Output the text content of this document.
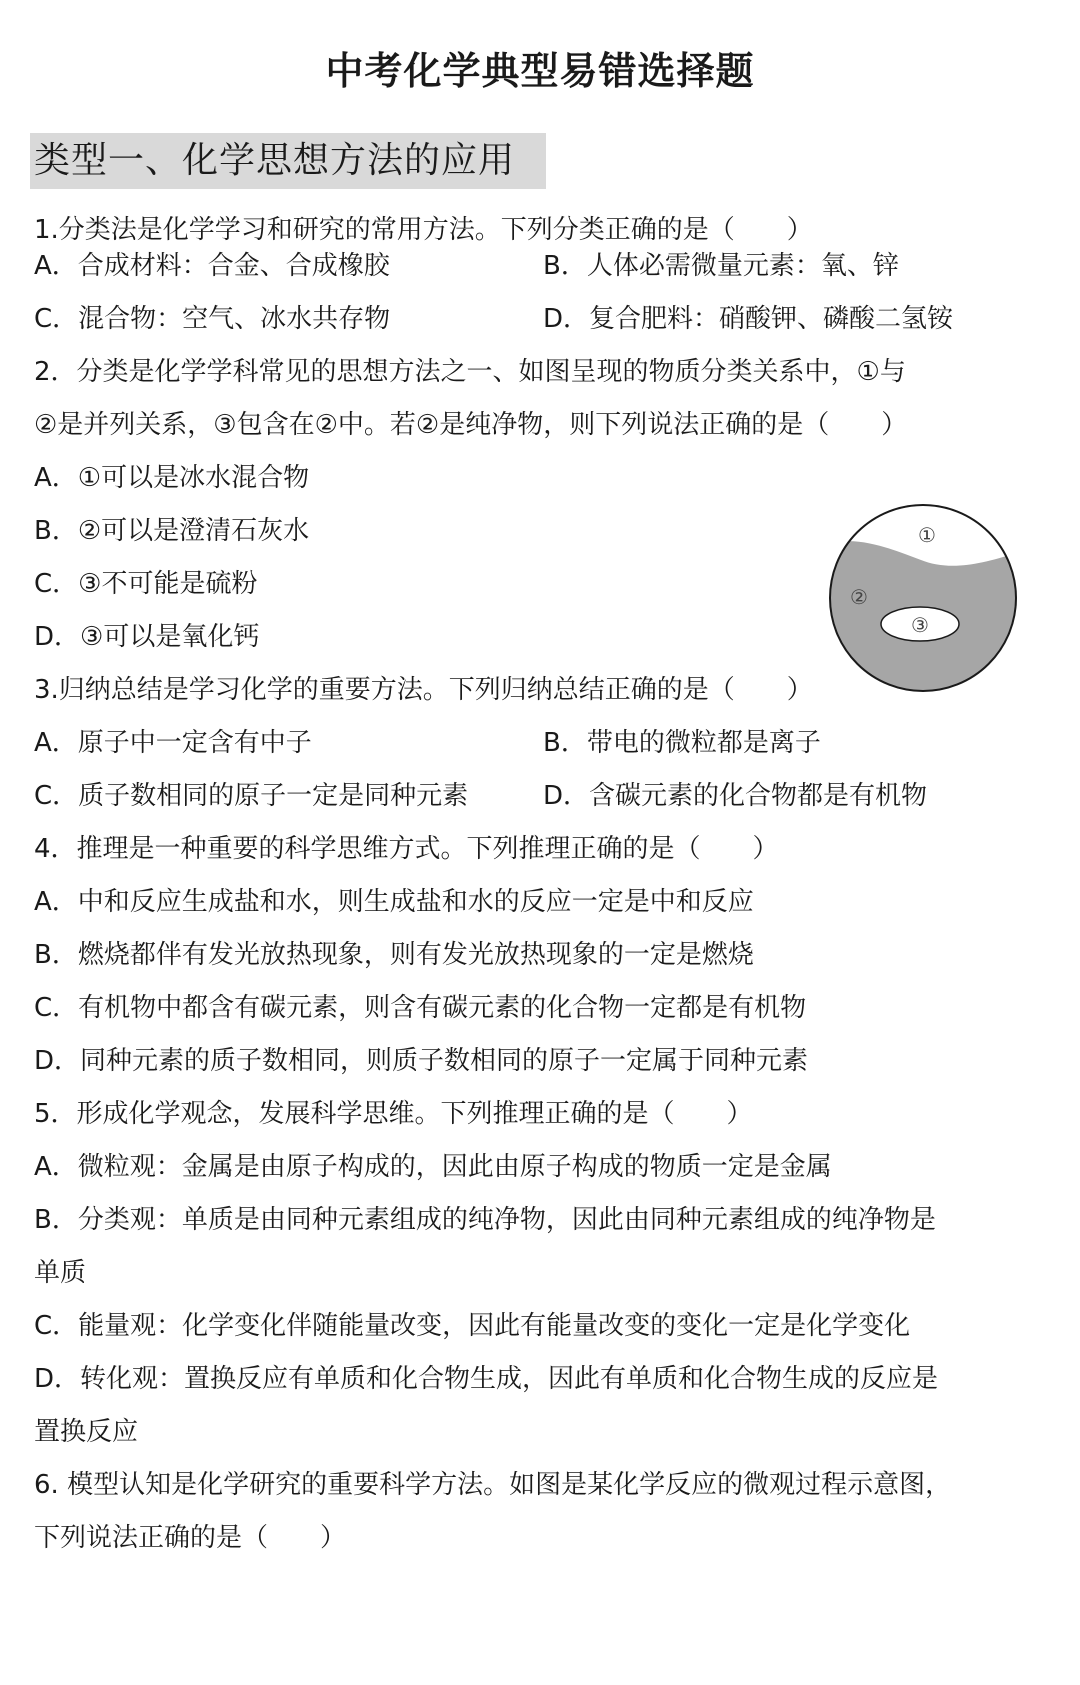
中考化学典型易错选择题
类型一、化学思想方法的应用
1.分类法是化学学习和研究的常用方法。下列分类正确的是（　　）
A．合成材料：合金、合成橡胶	B．人体必需微量元素：氧、锌
C．混合物：空气、冰水共存物	D．复合肥料：硝酸钾、磷酸二氢铵
2．分类是化学学科常见的思想方法之一、如图呈现的物质分类关系中，①与
②是并列关系，③包含在②中。若②是纯净物，则下列说法正确的是（　　）
A．①可以是冰水混合物
B．②可以是澄清石灰水
C．③不可能是硫粉
D．③可以是氧化钙
①
②
③
3.归纳总结是学习化学的重要方法。下列归纳总结正确的是（　　）
A．原子中一定含有中子	B．带电的微粒都是离子
C．质子数相同的原子一定是同种元素	D．含碳元素的化合物都是有机物
4．推理是一种重要的科学思维方式。下列推理正确的是（　　）
A．中和反应生成盐和水，则生成盐和水的反应一定是中和反应
B．燃烧都伴有发光放热现象，则有发光放热现象的一定是燃烧
C．有机物中都含有碳元素，则含有碳元素的化合物一定都是有机物
D．同种元素的质子数相同，则质子数相同的原子一定属于同种元素
5．形成化学观念，发展科学思维。下列推理正确的是（　　）
A．微粒观：金属是由原子构成的，因此由原子构成的物质一定是金属
B．分类观：单质是由同种元素组成的纯净物，因此由同种元素组成的纯净物是
单质
C．能量观：化学变化伴随能量改变，因此有能量改变的变化一定是化学变化
D．转化观：置换反应有单质和化合物生成，因此有单质和化合物生成的反应是
置换反应
6. 模型认知是化学研究的重要科学方法。如图是某化学反应的微观过程示意图，
下列说法正确的是（　　）
